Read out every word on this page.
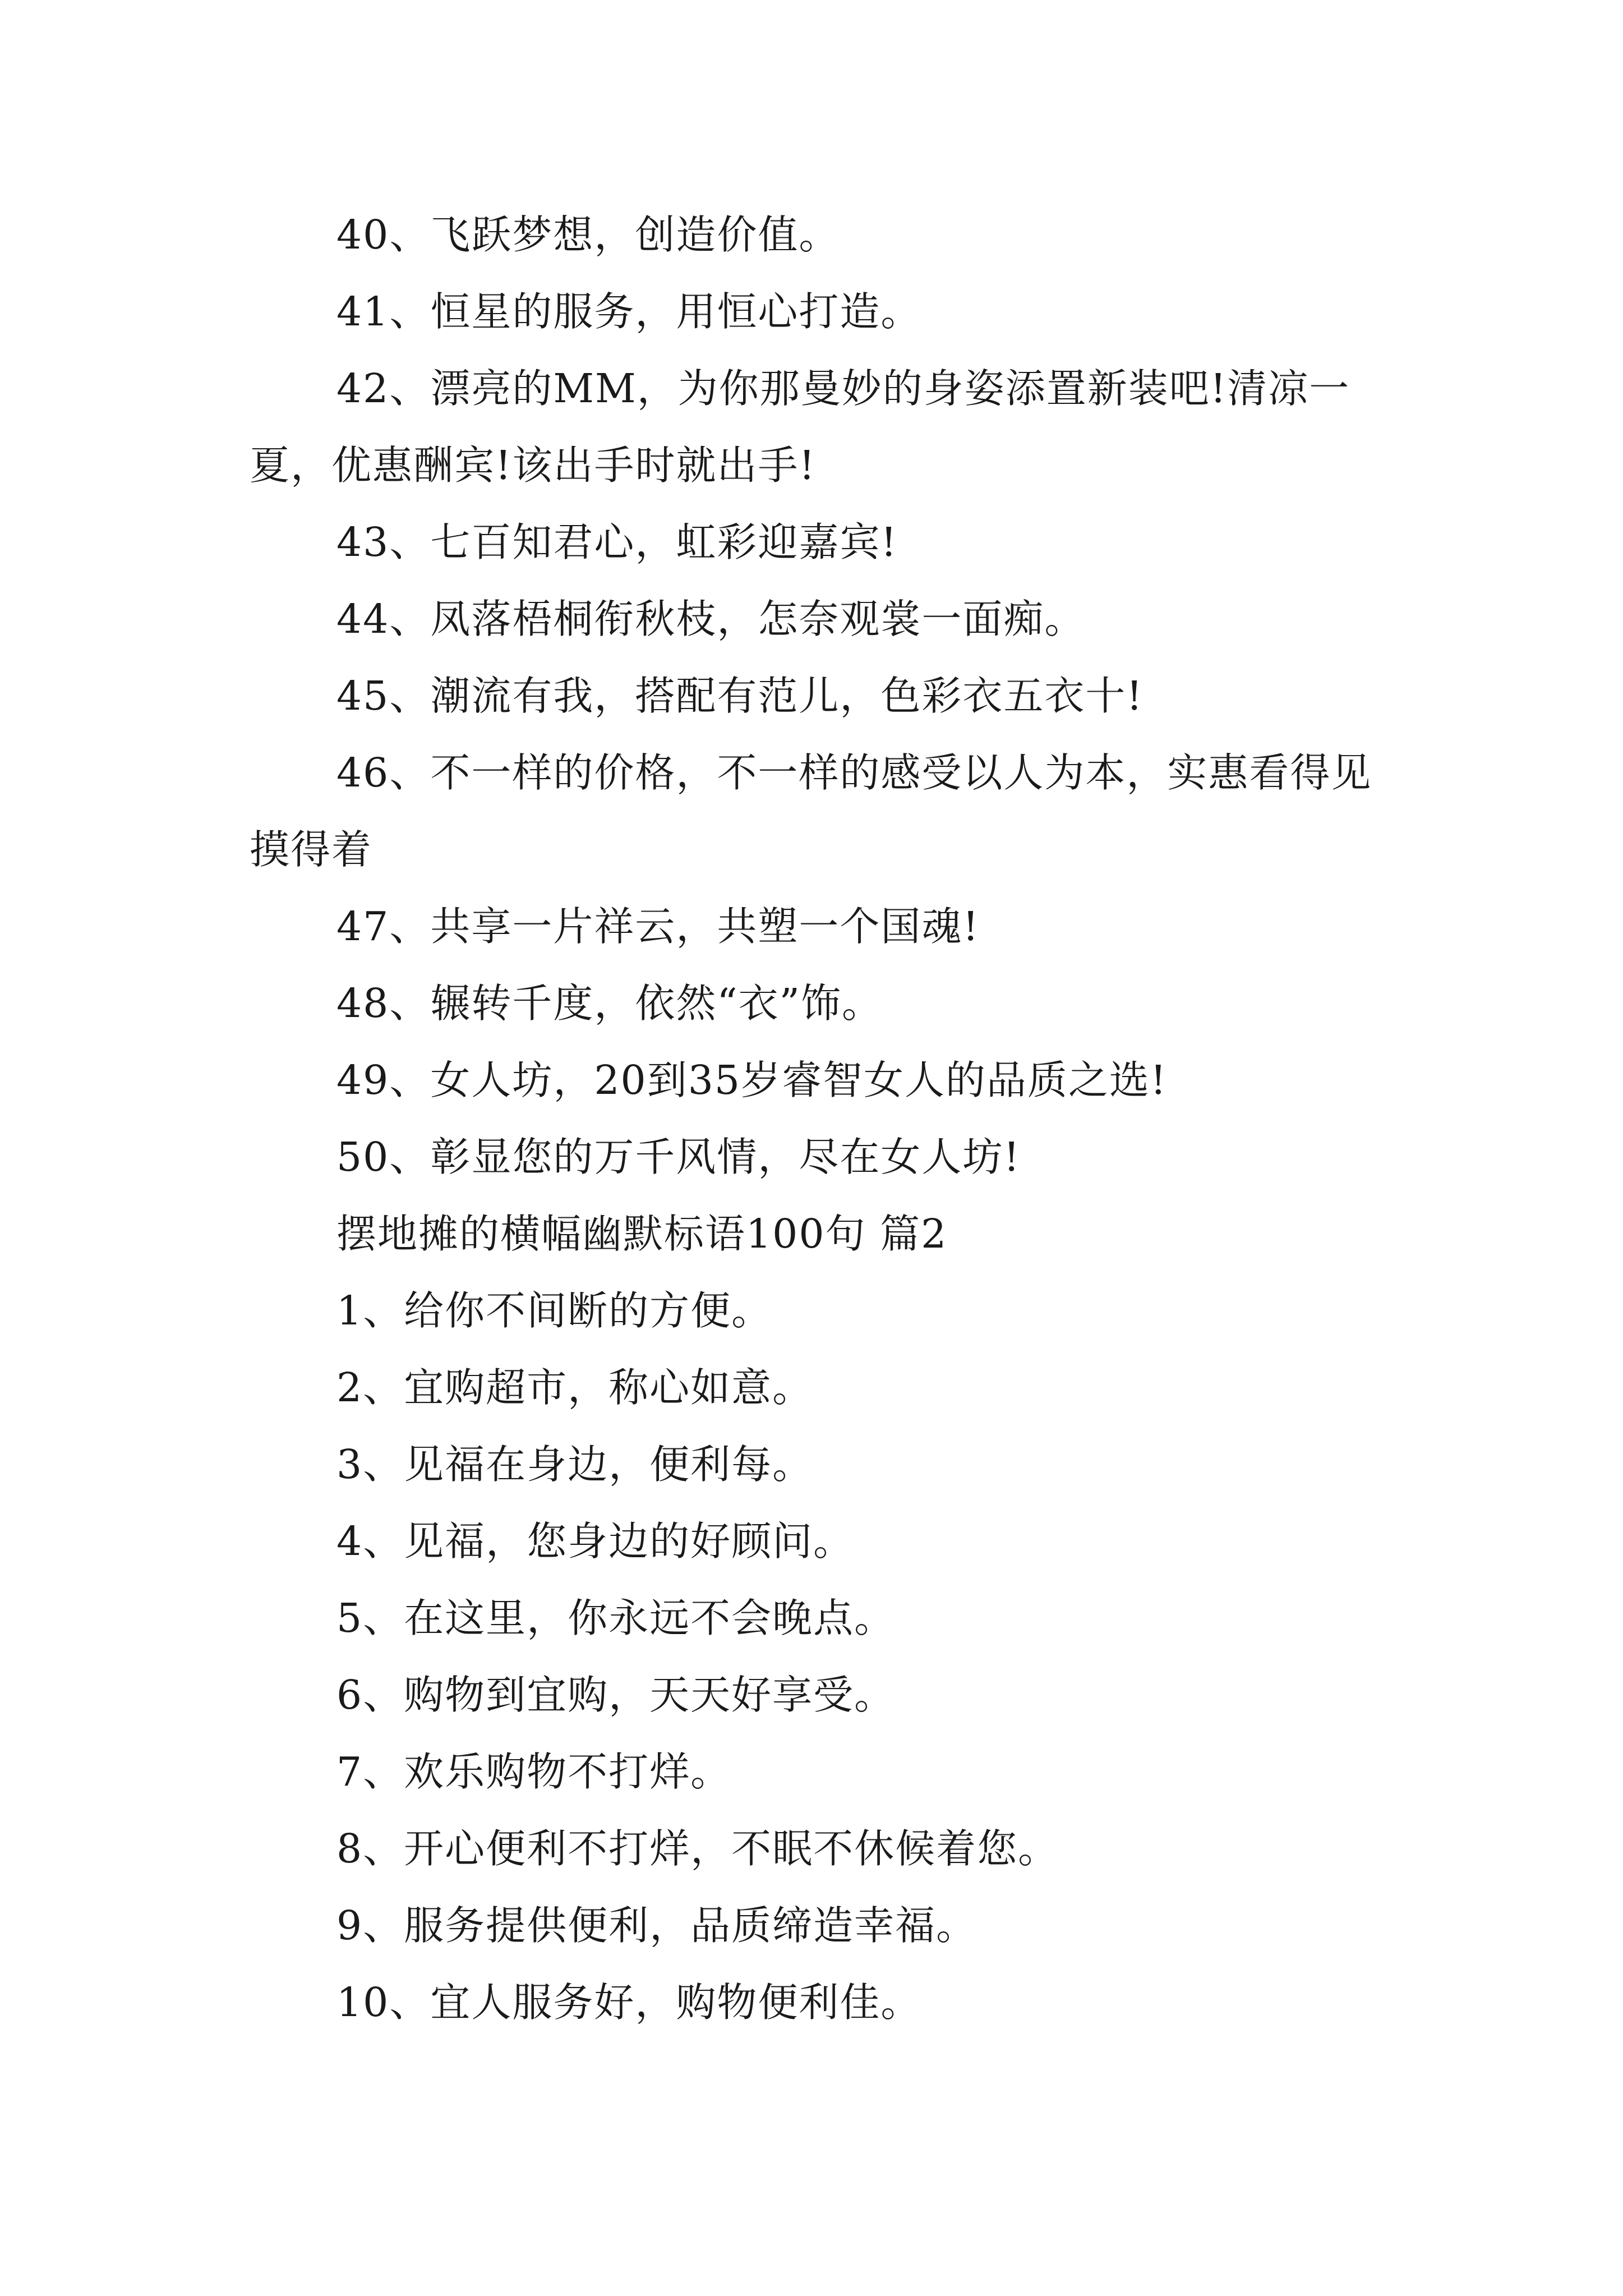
40、飞跃梦想，创造价值。

41、恒星的服务，用恒心打造。

42、漂亮的MM，为你那曼妙的身姿添置新装吧!清凉一夏，优惠酬宾!该出手时就出手!

43、七百知君心，虹彩迎嘉宾!

44、凤落梧桐衔秋枝，怎奈观裳一面痴。

45、潮流有我，搭配有范儿，色彩衣五衣十!

46、不一样的价格，不一样的感受以人为本，实惠看得见摸得着

47、共享一片祥云，共塑一个国魂!

48、辗转千度，依然“衣”饰。

49、女人坊，20到35岁睿智女人的品质之选!

50、彰显您的万千风情，尽在女人坊!

摆地摊的横幅幽默标语100句 篇2

1、给你不间断的方便。

2、宜购超市，称心如意。

3、见福在身边，便利每。

4、见福，您身边的好顾问。

5、在这里，你永远不会晚点。

6、购物到宜购，天天好享受。

7、欢乐购物不打烊。

8、开心便利不打烊，不眠不休候着您。

9、服务提供便利，品质缔造幸福。

10、宜人服务好，购物便利佳。
